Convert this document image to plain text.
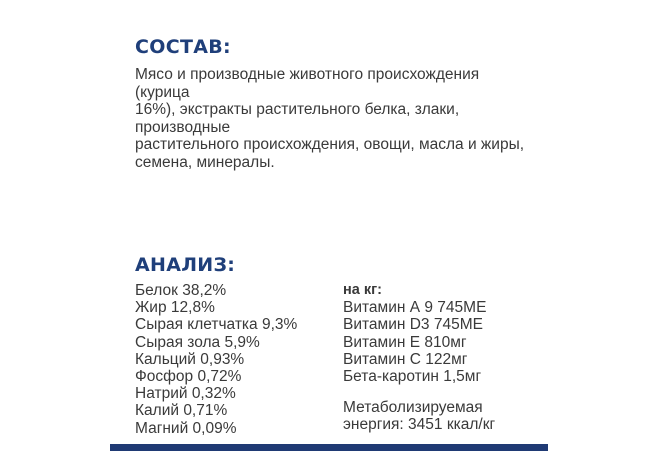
СОСТАВ:

Мясо и производные животного происхождения (курица
16%), экстракты растительного белка, злаки, производные
растительного происхождения, овощи, масла и жиры,
семена, минералы.

АНАЛИЗ:
Белок 38,2%
Жир 12,8%
Сырая клетчатка 9,3%
Сырая зола 5,9%
Кальций 0,93%
Фосфор 0,72%
Натрий 0,32%
Калий 0,71%
Магний 0,09%
на кг:
Витамин А 9 745МЕ
Витамин D3 745МЕ
Витамин Е 810мг
Витамин С 122мг
Бета-каротин 1,5мг
Метаболизируемая
энергия: 3451 ккал/кг
